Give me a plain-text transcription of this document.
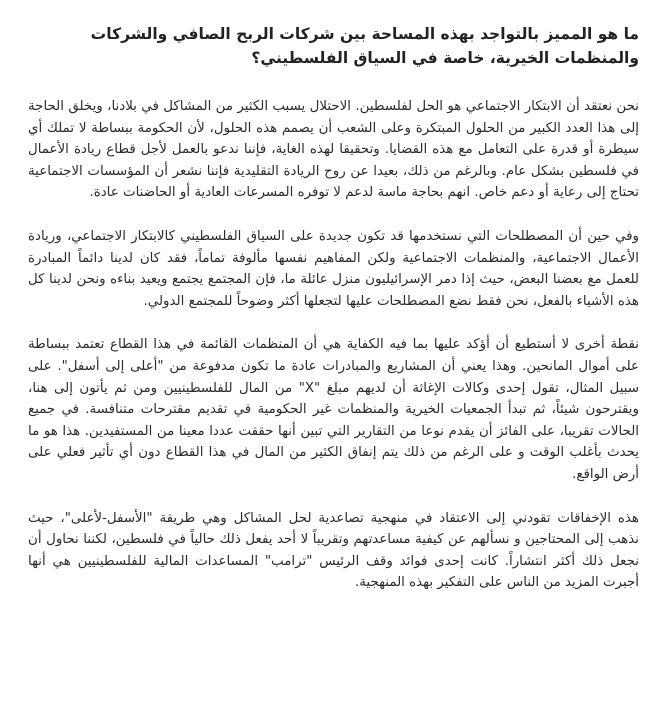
ما هو المميز بالتواجد بهذه المساحة بين شركات الربح الصافي والشركات والمنظمات الخيرية، خاصة في السياق الفلسطيني؟

نحن نعتقد أن الابتكار الاجتماعي هو الحل لفلسطين. الاحتلال يسبب الكثير من المشاكل في بلادنا، ويخلق الحاجة إلى هذا العدد الكبير من الحلول المبتكرة وعلى الشعب أن يصمم هذه الحلول، لأن الحكومة ببساطة لا تملك أي سيطرة أو قدرة على التعامل مع هذه القضايا. وتحقيقا لهذه الغاية، فإننا ندعو بالعمل لأجل قطاع ريادة الأعمال في فلسطين بشكل عام. وبالرغم من ذلك، بعيدا عن روح الريادة التقليدية فإننا نشعر أن المؤسسات الاجتماعية تحتاج إلى رعاية أو دعم خاص. انهم بحاجة ماسة لدعم لا توفره المسرعات العادية أو الحاضنات عادة.

وفي حين أن المصطلحات التي نستخدمها قد تكون جديدة على السياق الفلسطيني كالابتكار الاجتماعي، وريادة الأعمال الاجتماعية، والمنظمات الاجتماعية ولكن المفاهيم نفسها مألوفة تماماً، فقد كان لدينا دائماً المبادرة للعمل مع بعضنا البعض، حيث إذا دمر الإسرائيليون منزل عائلة ما، فإن المجتمع يجتمع ويعيد بناءه ونحن لدينا كل هذه الأشياء بالفعل، نحن فقط نضع المصطلحات عليها لتجعلها أكثر وضوحاً للمجتمع الدولي.

نقطة أخرى لا أستطيع أن أؤكد عليها بما فيه الكفاية هي أن المنظمات القائمة في هذا القطاع تعتمد ببساطة على أموال المانحين. وهذا يعني أن المشاريع والمبادرات عادة ما تكون مدفوعة من "أعلى إلى أسفل". على سبيل المثال، تقول إحدى وكالات الإغاثة أن لديهم مبلغ "X" من المال للفلسطينيين ومن ثم يأتون إلى هنا، ويقترحون شيئاً، ثم تبدأ الجمعيات الخيرية والمنظمات غير الحكومية في تقديم مقترحات متنافسة. في جميع الحالات تقريبا، على الفائز أن يقدم نوعا من التقارير التي تبين أنها حققت عددا معينا من المستفيدين. هذا هو ما يحدث بأغلب الوقت و على الرغم من ذلك يتم إنفاق الكثير من المال في هذا القطاع دون أي تأثير فعلي على أرض الواقع.

هذه الإخفاقات تقودني إلى الاعتقاد في منهجية تصاعدية لحل المشاكل وهي طريقة "الأسفل-لأعلى"، حيث نذهب إلى المحتاجين و نسألهم عن كيفية مساعدتهم وتقريباً لا أحد يفعل ذلك حالياً في فلسطين، لكننا نحاول أن نجعل ذلك أكثر انتشاراً. كانت إحدى فوائد وقف الرئيس "ترامب" المساعدات المالية للفلسطينيين هي أنها أجبرت المزيد من الناس على التفكير بهذه المنهجية.
